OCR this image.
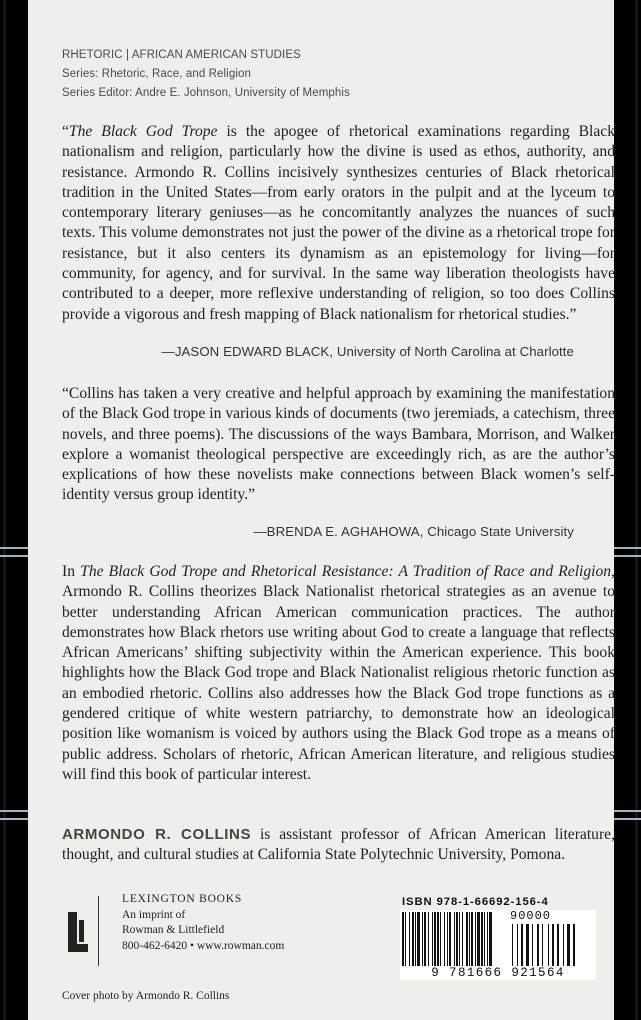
RHETORIC | AFRICAN AMERICAN STUDIES
Series: Rhetoric, Race, and Religion
Series Editor: Andre E. Johnson, University of Memphis
“The Black God Trope is the apogee of rhetorical examinations regarding Black nationalism and religion, particularly how the divine is used as ethos, authority, and resistance. Armondo R. Collins incisively synthesizes centuries of Black rhetorical tradition in the United States—from early orators in the pulpit and at the lyceum to contemporary literary geniuses—as he concomitantly analyzes the nuances of such texts. This volume demonstrates not just the power of the divine as a rhetorical trope for resistance, but it also centers its dynamism as an epistemology for living—for community, for agency, and for survival. In the same way liberation theologists have contributed to a deeper, more reflexive understanding of religion, so too does Collins provide a vigorous and fresh mapping of Black nationalism for rhetorical studies.”
—JASON EDWARD BLACK, University of North Carolina at Charlotte
“Collins has taken a very creative and helpful approach by examining the manifestation of the Black God trope in various kinds of documents (two jeremiads, a catechism, three novels, and three poems). The discussions of the ways Bambara, Morrison, and Walker explore a womanist theological perspective are exceedingly rich, as are the author’s explications of how these novelists make connections between Black women’s self-identity versus group identity.”
—BRENDA E. AGHAHOWA, Chicago State University
In The Black God Trope and Rhetorical Resistance: A Tradition of Race and Religion, Armondo R. Collins theorizes Black Nationalist rhetorical strategies as an avenue to better understanding African American communication practices. The author demonstrates how Black rhetors use writing about God to create a language that reflects African Americans’ shifting subjectivity within the American experience. This book highlights how the Black God trope and Black Nationalist religious rhetoric function as an embodied rhetoric. Collins also addresses how the Black God trope functions as a gendered critique of white western patriarchy, to demonstrate how an ideological position like womanism is voiced by authors using the Black God trope as a means of public address. Scholars of rhetoric, African American literature, and religious studies will find this book of particular interest.
ARMONDO R. COLLINS is assistant professor of African American literature, thought, and cultural studies at California State Polytechnic University, Pomona.
LEXINGTON BOOKS
An imprint of
Rowman & Littlefield
800-462-6420 • www.rowman.com
Cover photo by Armondo R. Collins
ISBN 978-1-66692-156-4
90000
9 781666 921564
